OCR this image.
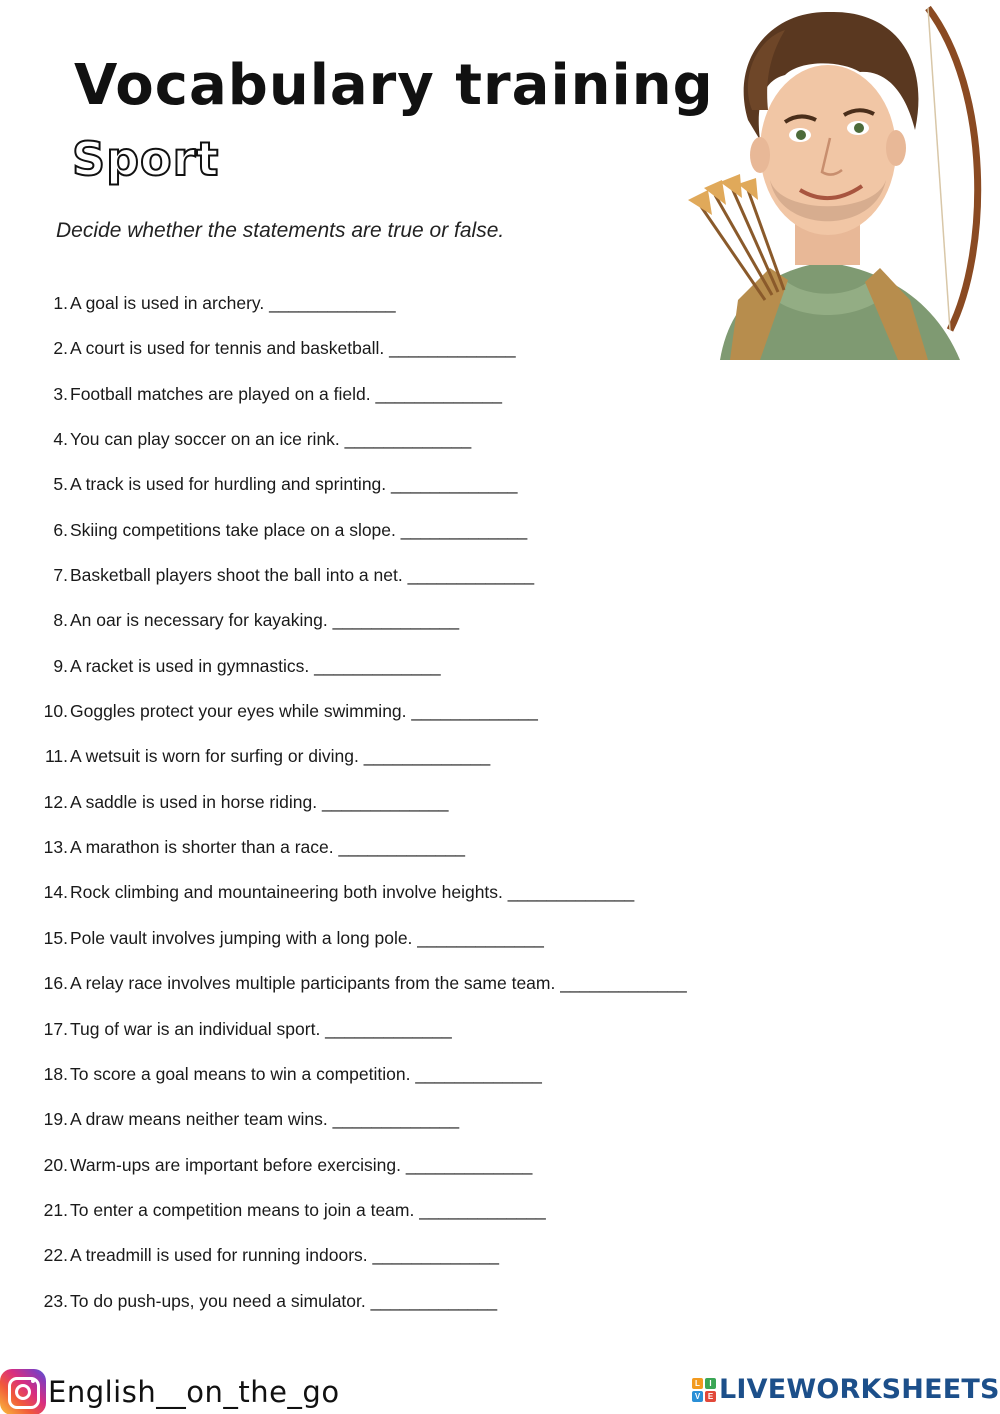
Vocabulary training
Sport

Decide whether the statements are true or false.

1. A goal is used in archery. _____________
2. A court is used for tennis and basketball. _____________
3. Football matches are played on a field. _____________
4. You can play soccer on an ice rink. _____________
5. A track is used for hurdling and sprinting. _____________
6. Skiing competitions take place on a slope. _____________
7. Basketball players shoot the ball into a net. _____________
8. An oar is necessary for kayaking. _____________
9. A racket is used in gymnastics. _____________
10. Goggles protect your eyes while swimming. _____________
11. A wetsuit is worn for surfing or diving. _____________
12. A saddle is used in horse riding. _____________
13. A marathon is shorter than a race. _____________
14. Rock climbing and mountaineering both involve heights. _____________
15. Pole vault involves jumping with a long pole. _____________
16. A relay race involves multiple participants from the same team. _____________
17. Tug of war is an individual sport. _____________
18. To score a goal means to win a competition. _____________
19. A draw means neither team wins. _____________
20. Warm-ups are important before exercising. _____________
21. To enter a competition means to join a team. _____________
22. A treadmill is used for running indoors. _____________
23. To do push-ups, you need a simulator. _____________
English__on_the_go	L	I
V E LIVEWORKSHEETS
